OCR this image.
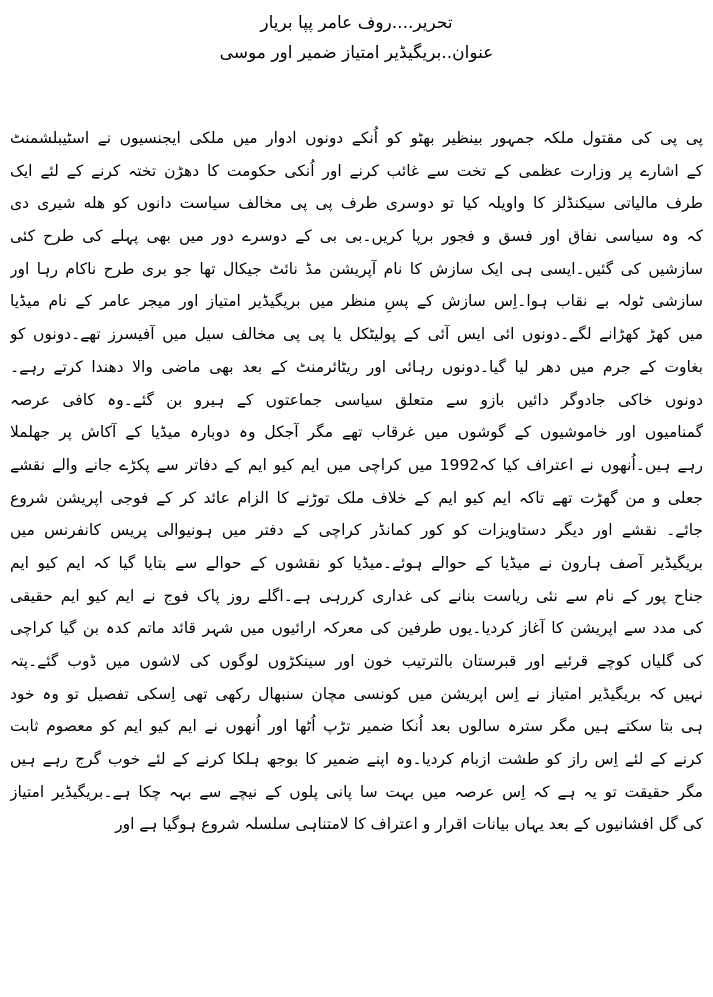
تحریر....روف عامر پپا بریار
عنوان..بریگیڈیر امتیاز ضمیر اور موسی
پی پی کی مقتول ملکہ جمہور بینظیر بھٹو کو اُنکے دونوں ادوار میں ملکی ایجنسیوں نے اسٹیبلشمنٹ
کے اشارے پر وزارت عظمی کے تخت سے غائب کرنے اور اُنکی حکومت کا دھڑن تختہ کرنے کے لئے ایک
طرف مالیاتی سیکنڈلز کا واویلہ کیا تو دوسری طرف پی پی مخالف سیاست دانوں کو هله شیری دی
کہ وہ سیاسی نفاق اور فسق و فجور برپا کریں۔بی بی کے دوسرے دور میں بھی پہلے کی طرح کئی
سازشیں کی گئیں۔ایسی ہی ایک سازش کا نام آپریشن مڈ نائٹ جیکال تھا جو بری طرح ناکام رہا اور
سازشی ٹولہ بے نقاب ہوا۔اِس سازش کے پسِ منظر میں بریگیڈیر امتیاز اور میجر عامر کے نام میڈیا
میں کھڑ کھڑانے لگے۔دونوں ائی ایس آئی کے پولیٹکل یا پی پی مخالف سیل میں آفیسرز تھے۔دونوں کو
بغاوت کے جرم میں دھر لیا گیا۔دونوں رہائی اور ریٹائرمنٹ کے بعد بھی ماضی والا دھندا کرتے رہے۔
دونوں خاکی جادوگر دائیں بازو سے متعلق سیاسی جماعتوں کے ہیرو بن گئے۔وہ کافی عرصہ
گمنامیوں اور خاموشیوں کے گوشوں میں غرقاب تھے مگر آجکل وہ دوبارہ میڈیا کے آکاش پر جھلملا
رہے ہیں۔اُنھوں نے اعتراف کیا کہ1992 میں کراچی میں ایم کیو ایم کے دفاتر سے پکڑے جانے والے نقشے
جعلی و من گھڑت تھے تاکہ ایم کیو ایم کے خلاف ملک توڑنے کا الزام عائد کر کے فوجی اپریشن شروع
جائے۔ نقشے اور دیگر دستاویزات کو کور کمانڈر کراچی کے دفتر میں ہونیوالی پریس کانفرنس میں
بریگیڈیر آصف ہارون نے میڈیا کے حوالے ہوئے۔میڈیا کو نقشوں کے حوالے سے بتایا گیا کہ ایم کیو ایم
جناح پور کے نام سے نئی ریاست بنانے کی غداری کررہی ہے۔اگلے روز پاک فوج نے ایم کیو ایم حقیقی
کی مدد سے اپریشن کا آغاز کردیا۔یوں طرفین کی معرکہ ارائیوں میں شہر قائد ماتم کدہ بن گیا کراچی
کی گلیاں کوچے قرئیے اور قبرستان بالترتیب خون اور سینکڑوں لوگوں کی لاشوں میں ڈوب گئے۔پتہ
نہیں کہ بریگیڈیر امتیاز نے اِس اپریشن میں کونسی مچان سنبھال رکھی تھی اِسکی تفصیل تو وہ خود
ہی بتا سکتے ہیں مگر سترہ سالوں بعد اُنکا ضمیر تڑپ اُٹھا اور اُنھوں نے ایم کیو ایم کو معصوم ثابت
کرنے کے لئے اِس راز کو طشت ازبام کردیا۔وہ اپنے ضمیر کا بوجھ ہلکا کرنے کے لئے خوب گرج رہے ہیں
مگر حقیقت تو یہ ہے کہ اِس عرصہ میں بہت سا پانی پلوں کے نیچے سے بہہ چکا ہے۔بریگیڈیر امتیاز
کی گل افشانیوں کے بعد یہاں بیانات اقرار و اعتراف کا لامتناہی سلسلہ شروع ہوگیا ہے اور
